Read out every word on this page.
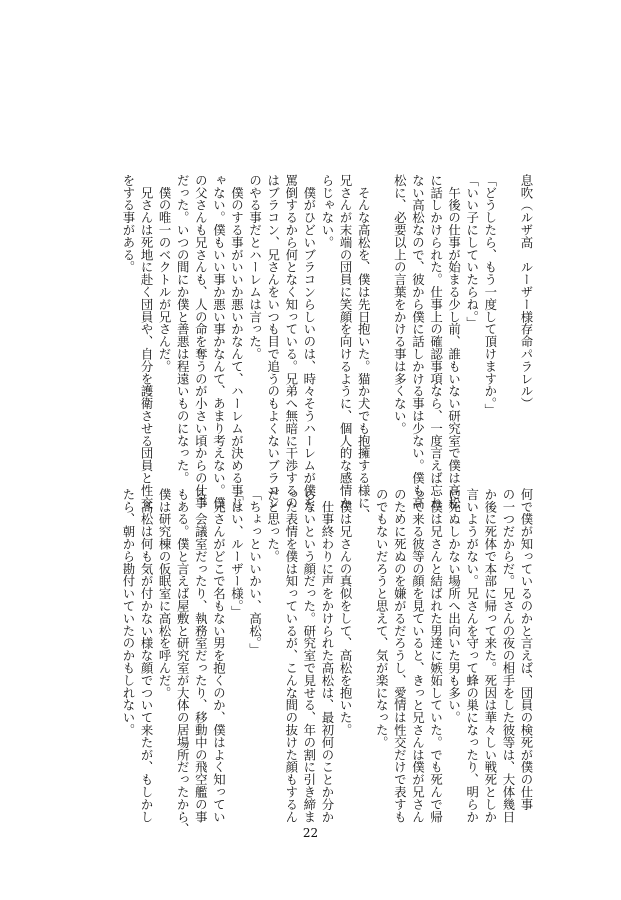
息吹（ルザ高　ルーザー様存命パラレル）

「どうしたら、もう一度して頂けますか。」

「いい子にしていたらね。」

　午後の仕事が始まる少し前、誰もいない研究室で僕は高松

に話しかけられた。仕事上の確認事項なら、一度言えば忘れ

ない高松なので、彼から僕に話しかける事は少ない。僕も高

松に、必要以上の言葉をかける事は多くない。

　そんな高松を、僕は先日抱いた。猫か犬でも抱擁する様に、

兄さんが末端の団員に笑顔を向けるように、個人的な感情か

らじゃない。

　僕がひどいブラコンらしいのは、時々そうハーレムが僕を

罵倒するから何となく知っている。兄弟へ無暗に干渉するの

はブラコン、兄さんをいつも目で追うのもよくないブラコン

のやる事だとハーレムは言った。

　僕のする事がいいか悪いかなんて、ハーレムが決める事じ

ゃない。僕もいい事か悪い事かなんて、あまり考えない。僕

の父さんも兄さんも、人の命を奪うのが小さい頃からの仕事

だった。いつの間にか僕と善悪は程遠いものになった。

　僕の唯一のベクトルが兄さんだ。

　兄さんは死地に赴く団員や、自分を護衛させる団員と性交

をする事がある。

何で僕が知っているのかと言えば、団員の検死が僕の仕事

の一つだからだ。兄さんの夜の相手をした彼等は、大体幾日

か後に死体で本部に帰って来た。死因は華々しい戦死としか

言いようがない。兄さんを守って蜂の巣になったり、明らか

に死ぬしかない場所へ出向いた男も多い。

　僕は兄さんと結ばれた男達に嫉妬していた。でも死んで帰

って来る彼等の顔を見ていると、きっと兄さんは僕が兄さん

のために死ぬのを嫌がるだろうし、愛情は性交だけで表すも

のでもないだろうと思えて、気が楽になった。

　僕は兄さんの真似をして、高松を抱いた。

　仕事終わりに声をかけられた高松は、最初何のことか分か

らないという顔だった。研究室で見せる、年の割に引き締ま

った表情を僕は知っているが、こんな間の抜けた顔もするん

だと思った。

「ちょっといいかい、高松。」

「はい、ルーザー様。」

　兄さんがどこで名もない男を抱くのか、僕はよく知ってい

る。会議室だったり、執務室だったり、移動中の飛空艦の事

もある。僕と言えば屋敷と研究室が大体の居場所だったから、

僕は研究棟の仮眠室に高松を呼んだ。

　高松は何も気が付かない様な顔でついて来たが、もしかし

たら、朝から勘付いていたのかもしれない。

22
